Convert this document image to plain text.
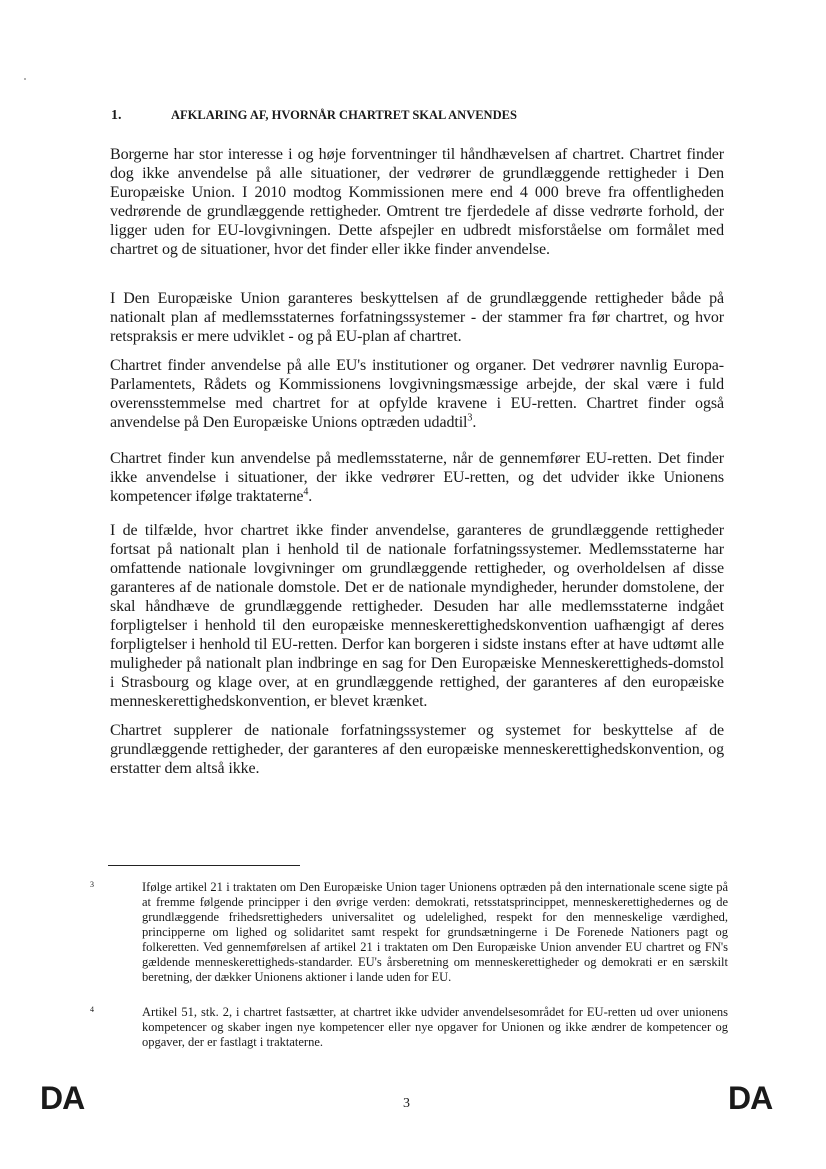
1.	AFKLARING AF, HVORNÅR CHARTRET SKAL ANVENDES
Borgerne har stor interesse i og høje forventninger til håndhævelsen af chartret. Chartret finder dog ikke anvendelse på alle situationer, der vedrører de grundlæggende rettigheder i Den Europæiske Union. I 2010 modtog Kommissionen mere end 4 000 breve fra offentligheden vedrørende de grundlæggende rettigheder. Omtrent tre fjerdedele af disse vedrørte forhold, der ligger uden for EU-lovgivningen. Dette afspejler en udbredt misforståelse om formålet med chartret og de situationer, hvor det finder eller ikke finder anvendelse.
I Den Europæiske Union garanteres beskyttelsen af de grundlæggende rettigheder både på nationalt plan af medlemsstaternes forfatningssystemer - der stammer fra før chartret, og hvor retspraksis er mere udviklet - og på EU-plan af chartret.
Chartret finder anvendelse på alle EU's institutioner og organer. Det vedrører navnlig Europa-Parlamentets, Rådets og Kommissionens lovgivningsmæssige arbejde, der skal være i fuld overensstemmelse med chartret for at opfylde kravene i EU-retten. Chartret finder også anvendelse på Den Europæiske Unions optræden udadtil$^3$.
Chartret finder kun anvendelse på medlemsstaterne, når de gennemfører EU-retten. Det finder ikke anvendelse i situationer, der ikke vedrører EU-retten, og det udvider ikke Unionens kompetencer ifølge traktaterne$^4$.
I de tilfælde, hvor chartret ikke finder anvendelse, garanteres de grundlæggende rettigheder fortsat på nationalt plan i henhold til de nationale forfatningssystemer. Medlemsstaterne har omfattende nationale lovgivninger om grundlæggende rettigheder, og overholdelsen af disse garanteres af de nationale domstole. Det er de nationale myndigheder, herunder domstolene, der skal håndhæve de grundlæggende rettigheder. Desuden har alle medlemsstaterne indgået forpligtelser i henhold til den europæiske menneskerettighedskonvention uafhængigt af deres forpligtelser i henhold til EU-retten. Derfor kan borgeren i sidste instans efter at have udtømt alle muligheder på nationalt plan indbringe en sag for Den Europæiske Menneskerettigheds-domstol i Strasbourg og klage over, at en grundlæggende rettighed, der garanteres af den europæiske menneskerettighedskonvention, er blevet krænket.
Chartret supplerer de nationale forfatningssystemer og systemet for beskyttelse af de grundlæggende rettigheder, der garanteres af den europæiske menneskerettighedskonvention, og erstatter dem altså ikke.
3	Ifølge artikel 21 i traktaten om Den Europæiske Union tager Unionens optræden på den internationale scene sigte på at fremme følgende principper i den øvrige verden: demokrati, retsstatsprincippet, menneskerettighedernes og de grundlæggende frihedsrettigheders universalitet og udelelighed, respekt for den menneskelige værdighed, principperne om lighed og solidaritet samt respekt for grundsætningerne i De Forenede Nationers pagt og folkeretten. Ved gennemførelsen af artikel 21 i traktaten om Den Europæiske Union anvender EU chartret og FN's gældende menneskerettigheds-standarder. EU's årsberetning om menneskerettigheder og demokrati er en særskilt beretning, der dækker Unionens aktioner i lande uden for EU.
4	Artikel 51, stk. 2, i chartret fastsætter, at chartret ikke udvider anvendelsesområdet for EU-retten ud over unionens kompetencer og skaber ingen nye kompetencer eller nye opgaver for Unionen og ikke ændrer de kompetencer og opgaver, der er fastlagt i traktaterne.
DA	3	DA
